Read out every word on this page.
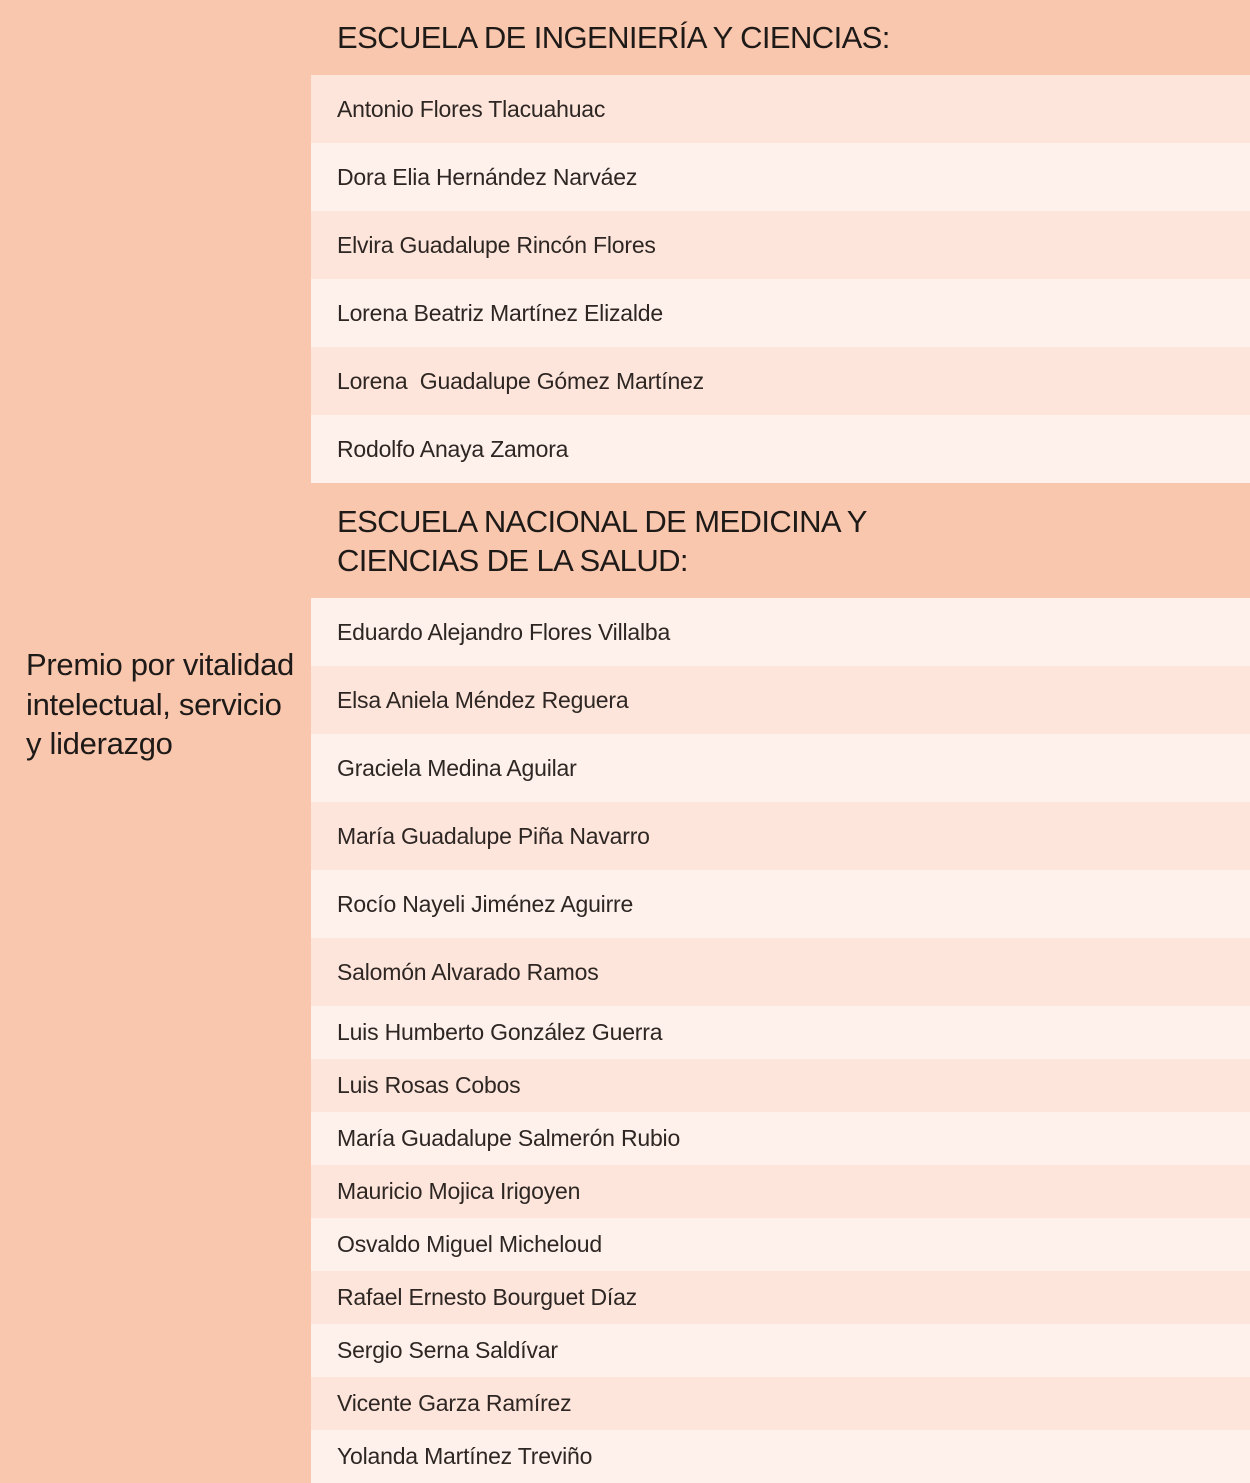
Premio por vitalidad intelectual, servicio y liderazgo
ESCUELA DE INGENIERÍA Y CIENCIAS:
Antonio Flores Tlacuahuac
Dora Elia Hernández Narváez
Elvira Guadalupe Rincón Flores
Lorena Beatriz Martínez Elizalde
Lorena  Guadalupe Gómez Martínez
Rodolfo Anaya Zamora
ESCUELA NACIONAL DE MEDICINA Y CIENCIAS DE LA SALUD:
Eduardo Alejandro Flores Villalba
Elsa Aniela Méndez Reguera
Graciela Medina Aguilar
María Guadalupe Piña Navarro
Rocío Nayeli Jiménez Aguirre
Salomón Alvarado Ramos
Luis Humberto González Guerra
Luis Rosas Cobos
María Guadalupe Salmerón Rubio
Mauricio Mojica Irigoyen
Osvaldo Miguel Micheloud
Rafael Ernesto Bourguet Díaz
Sergio Serna Saldívar
Vicente Garza Ramírez
Yolanda Martínez Treviño
